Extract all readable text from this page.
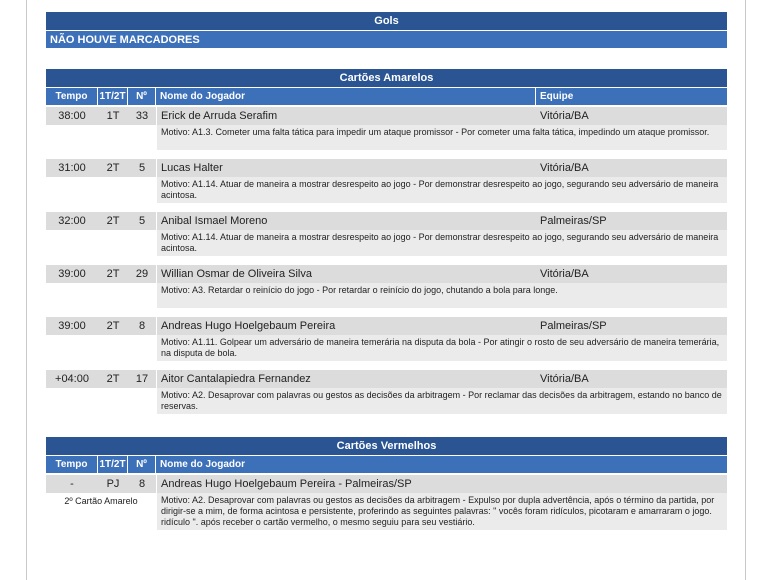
Gols
NÃO HOUVE MARCADORES
Cartões Amarelos
Tempo	1T/2T	Nº	Nome do Jogador	Equipe
38:00	1T	33	Erick de Arruda Serafim	Vitória/BA
Motivo: A1.3. Cometer uma falta tática para impedir um ataque promissor - Por cometer uma falta tática, impedindo um ataque promissor.
31:00	2T	5	Lucas Halter	Vitória/BA
Motivo: A1.14. Atuar de maneira a mostrar desrespeito ao jogo - Por demonstrar desrespeito ao jogo, segurando seu adversário de maneira acintosa.
32:00	2T	5	Anibal Ismael Moreno	Palmeiras/SP
Motivo: A1.14. Atuar de maneira a mostrar desrespeito ao jogo - Por demonstrar desrespeito ao jogo, segurando seu adversário de maneira acintosa.
39:00	2T	29	Willian Osmar de Oliveira Silva	Vitória/BA
Motivo: A3. Retardar o reinício do jogo - Por retardar o reinício do jogo, chutando a bola para longe.
39:00	2T	8	Andreas Hugo Hoelgebaum Pereira	Palmeiras/SP
Motivo: A1.11. Golpear um adversário de maneira temerária na disputa da bola - Por atingir o rosto de seu adversário de maneira temerária, na disputa de bola.
+04:00	2T	17	Aitor Cantalapiedra Fernandez	Vitória/BA
Motivo: A2. Desaprovar com palavras ou gestos as decisões da arbitragem - Por reclamar das decisões da arbitragem, estando no banco de reservas.
Cartões Vermelhos
Tempo	1T/2T	Nº	Nome do Jogador
-	PJ	8	Andreas Hugo Hoelgebaum Pereira - Palmeiras/SP
2º Cartão Amarelo	Motivo: A2. Desaprovar com palavras ou gestos as decisões da arbitragem - Expulso por dupla advertência, após o término da partida, por dirigir-se a mim, de forma acintosa e persistente, proferindo as seguintes palavras: " vocês foram ridículos, picotaram e amarraram o jogo. ridículo ". após receber o cartão vermelho, o mesmo seguiu para seu vestiário.
